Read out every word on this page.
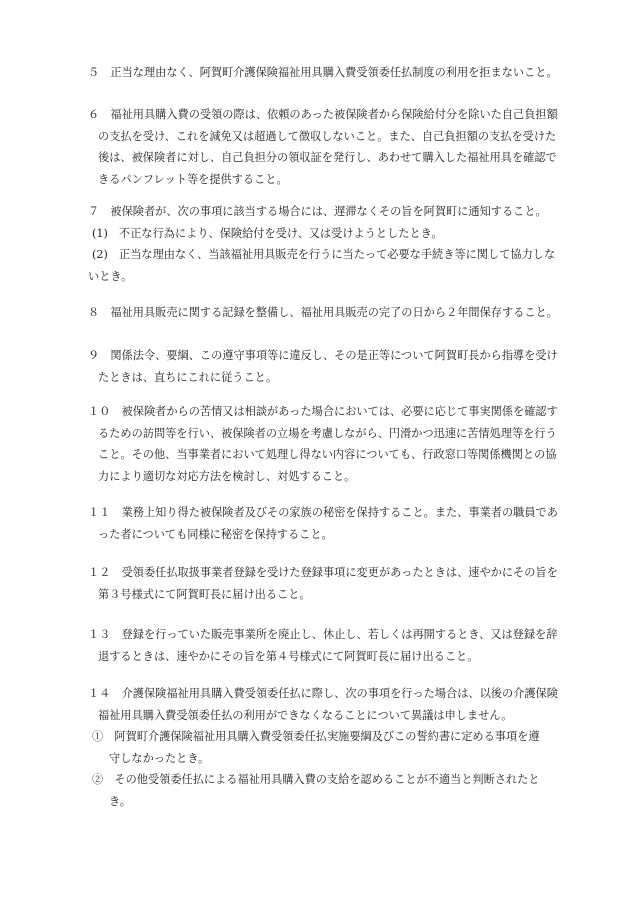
５　正当な理由なく、阿賀町介護保険福祉用具購入費受領委任払制度の利用を拒まないこと。
６　福祉用具購入費の受領の際は、依頼のあった被保険者から保険給付分を除いた自己負担額
の支払を受け、これを減免又は超過して徴収しないこと。また、自己負担額の支払を受けた
後は、被保険者に対し、自己負担分の領収証を発行し、あわせて購入した福祉用具を確認で
きるパンフレット等を提供すること。
７　被保険者が、次の事項に該当する場合には、遅滞なくその旨を阿賀町に通知すること。
(1)　不正な行為により、保険給付を受け、又は受けようとしたとき。
(2)　正当な理由なく、当該福祉用具販売を行うに当たって必要な手続き等に関して協力しな
いとき。
８　福祉用具販売に関する記録を整備し、福祉用具販売の完了の日から２年間保存すること。
９　関係法令、要綱、この遵守事項等に違反し、その是正等について阿賀町長から指導を受け
たときは、直ちにこれに従うこと。
１０　被保険者からの苦情又は相談があった場合においては、必要に応じて事実関係を確認す
るための訪問等を行い、被保険者の立場を考慮しながら、円滑かつ迅速に苦情処理等を行う
こと。その他、当事業者において処理し得ない内容についても、行政窓口等関係機関との協
力により適切な対応方法を検討し、対処すること。
１１　業務上知り得た被保険者及びその家族の秘密を保持すること。また、事業者の職員であ
った者についても同様に秘密を保持すること。
１２　受領委任払取扱事業者登録を受けた登録事項に変更があったときは、速やかにその旨を
第３号様式にて阿賀町長に届け出ること。
１３　登録を行っていた販売事業所を廃止し、休止し、若しくは再開するとき、又は登録を辞
退するときは、速やかにその旨を第４号様式にて阿賀町長に届け出ること。
１４　介護保険福祉用具購入費受領委任払に際し、次の事項を行った場合は、以後の介護保険
福祉用具購入費受領委任払の利用ができなくなることについて異議は申しません。
①　阿賀町介護保険福祉用具購入費受領委任払実施要綱及びこの誓約書に定める事項を遵
守しなかったとき。
②　その他受領委任払による福祉用具購入費の支給を認めることが不適当と判断されたと
き。
